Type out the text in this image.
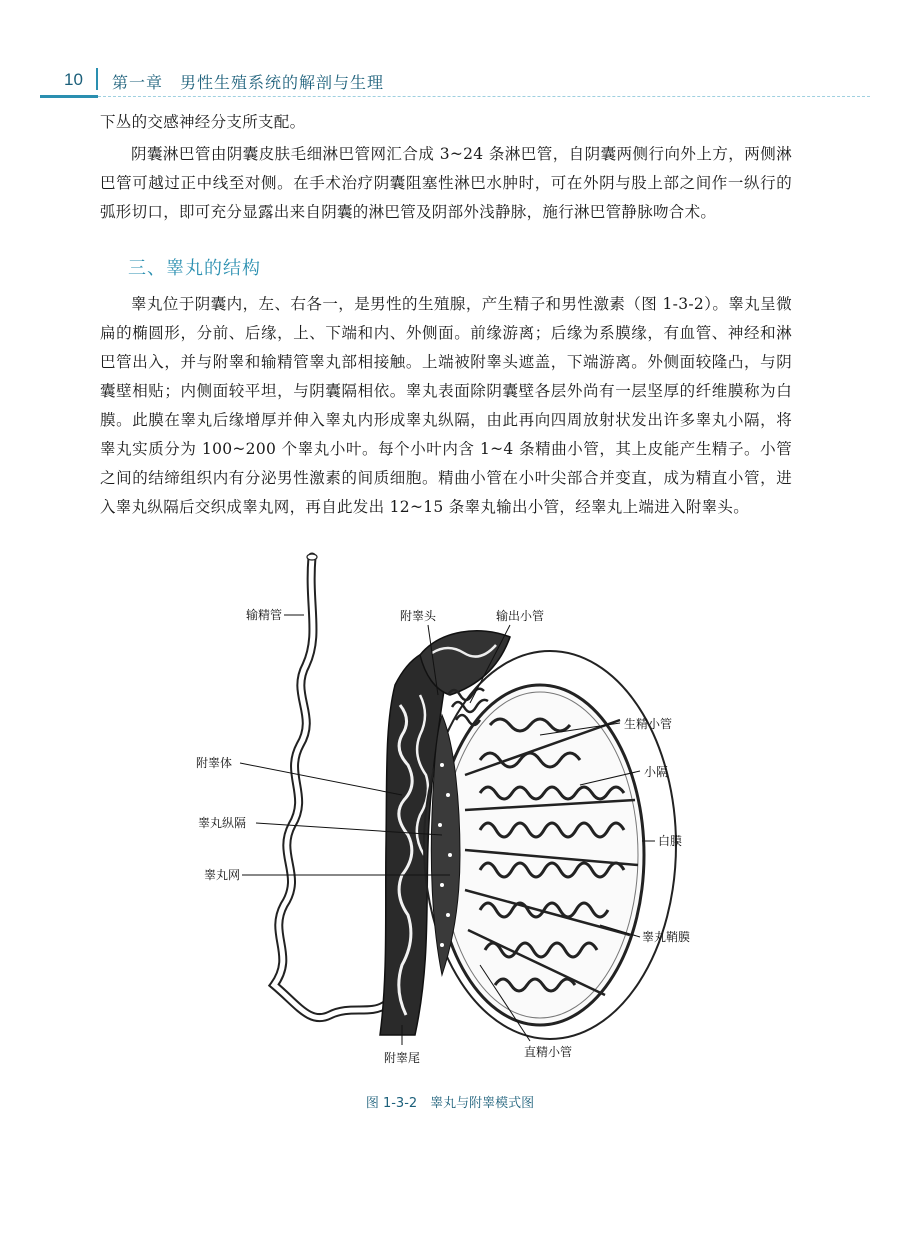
10 第一章　男性生殖系统的解剖与生理
下丛的交感神经分支所支配。
阴囊淋巴管由阴囊皮肤毛细淋巴管网汇合成 3~24 条淋巴管，自阴囊两侧行向外上方，两侧淋巴管可越过正中线至对侧。在手术治疗阴囊阻塞性淋巴水肿时，可在外阴与股上部之间作一纵行的弧形切口，即可充分显露出来自阴囊的淋巴管及阴部外浅静脉，施行淋巴管静脉吻合术。
三、睾丸的结构
睾丸位于阴囊内，左、右各一，是男性的生殖腺，产生精子和男性激素（图 1-3-2）。睾丸呈微扁的椭圆形，分前、后缘，上、下端和内、外侧面。前缘游离；后缘为系膜缘，有血管、神经和淋巴管出入，并与附睾和输精管睾丸部相接触。上端被附睾头遮盖，下端游离。外侧面较隆凸，与阴囊壁相贴；内侧面较平坦，与阴囊隔相依。睾丸表面除阴囊壁各层外尚有一层坚厚的纤维膜称为白膜。此膜在睾丸后缘增厚并伸入睾丸内形成睾丸纵隔，由此再向四周放射状发出许多睾丸小隔，将睾丸实质分为 100~200 个睾丸小叶。每个小叶内含 1~4 条精曲小管，其上皮能产生精子。小管之间的结缔组织内有分泌男性激素的间质细胞。精曲小管在小叶尖部合并变直，成为精直小管，进入睾丸纵隔后交织成睾丸网，再自此发出 12~15 条睾丸输出小管，经睾丸上端进入附睾头。
输精管	附睾头	输出小管
生精小管
小隔
附睾体
白膜
睾丸纵隔
睾丸网
睾丸鞘膜
直精小管
附睾尾
图 1-3-2　睾丸与附睾模式图
